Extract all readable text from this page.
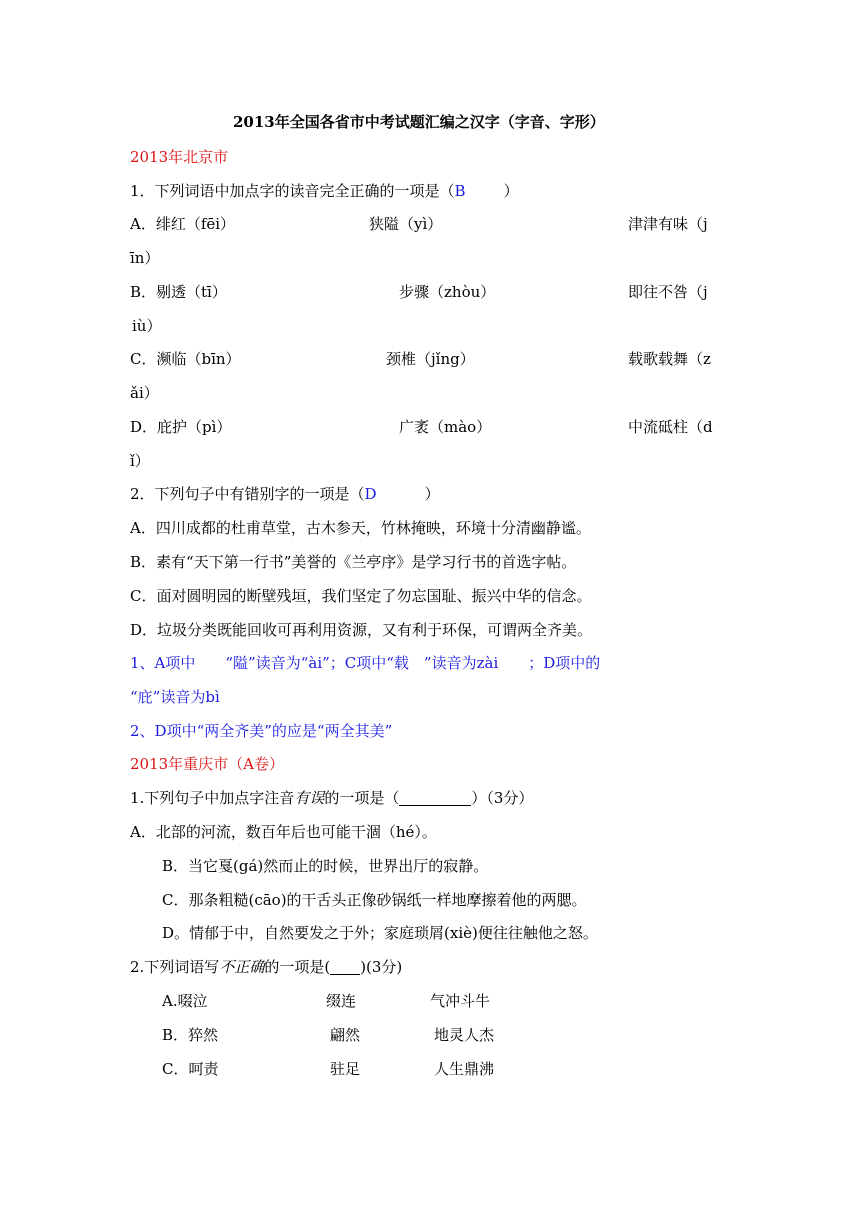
2013年全国各省市中考试题汇编之汉字（字音、字形）
2013年北京市
1．下列词语中加点字的读音完全正确的一项是（B	）
A．绯红（fēi）	狭隘（yì）	津津有味（j
īn）
B．剔透（tī）	步骤（zhòu）	即往不咎（j
iù）
C．濒临（bīn）	颈椎（jǐng）	载歌载舞（z
ǎi）
D．庇护（pì）	广袤（mào）	中流砥柱（d
ǐ）
2．下列句子中有错别字的一项是（D	）
A．四川成都的杜甫草堂，古木参天，竹林掩映，环境十分清幽静谧。
B．素有“天下第一行书”美誉的《兰亭序》是学习行书的首选字帖。
C．面对圆明园的断壁残垣，我们坚定了勿忘国耻、振兴中华的信念。
D．垃圾分类既能回收可再利用资源，又有利于环保，可谓两全齐美。
1、A项中　　“隘”读音为“ài”；C项中“载　”读音为zài　　；D项中的
“庇”读音为bì
2、D项中“两全齐美”的应是“两全其美”
2013年重庆市（A卷）
1.下列句子中加点字注音有误的一项是（	）（3分）
A．北部的河流，数百年后也可能干涸（hé）。
B．当它戛(gá)然而止的时候，世界出厅的寂静。
C．那条粗糙(cāo)的干舌头正像砂锅纸一样地摩擦着他的两腮。
D。情郁于中，自然要发之于外；家庭琐屑(xiè)便往往触他之怒。
2.下列词语写不正确的一项是( )(3分)
A.啜泣	缀连	气冲斗牛
B．猝然	翩然	地灵人杰
C．呵责	驻足	人生鼎沸
